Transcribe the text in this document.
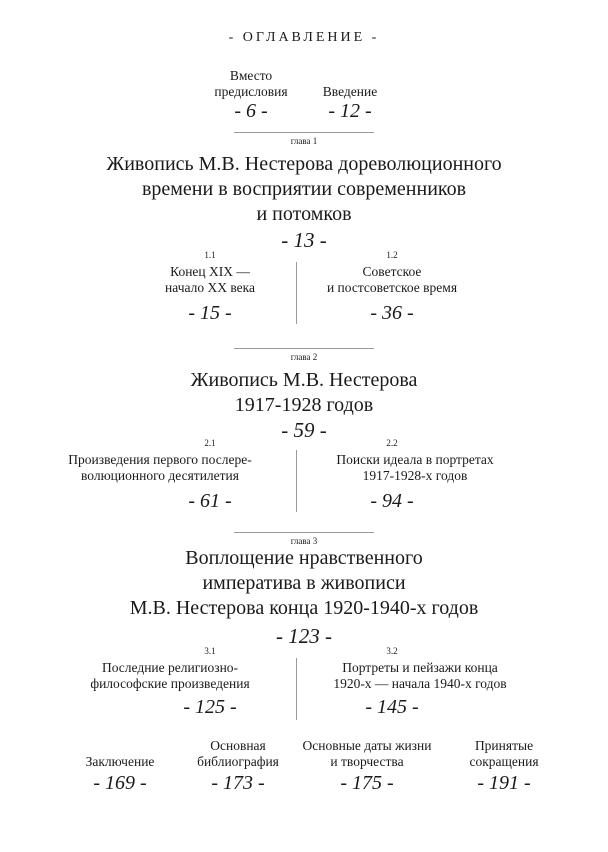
- ОГЛАВЛЕНИЕ -
Вместо
предисловия
- 6 -
Введение
- 12 -
глава 1
Живопись М.В. Нестерова дореволюционного
времени в восприятии современников
и потомков
- 13 -
1.1
Конец XIX —
начало XX века
- 15 -
1.2
Советское
и постсоветское время
- 36 -
глава 2
Живопись М.В. Нестерова
1917-1928 годов
- 59 -
2.1
Произведения первого послере-
волюционного десятилетия
- 61 -
2.2
Поиски идеала в портретах
1917-1928-х годов
- 94 -
глава 3
Воплощение нравственного
императива в живописи
М.В. Нестерова конца 1920-1940-х годов
- 123 -
3.1
Последние религиозно-
философские произведения
- 125 -
3.2
Портреты и пейзажи конца
1920-х — начала 1940-х годов
- 145 -
Заключение
- 169 -
Основная
библиография
- 173 -
Основные даты жизни
и творчества
- 175 -
Принятые
сокращения
- 191 -
